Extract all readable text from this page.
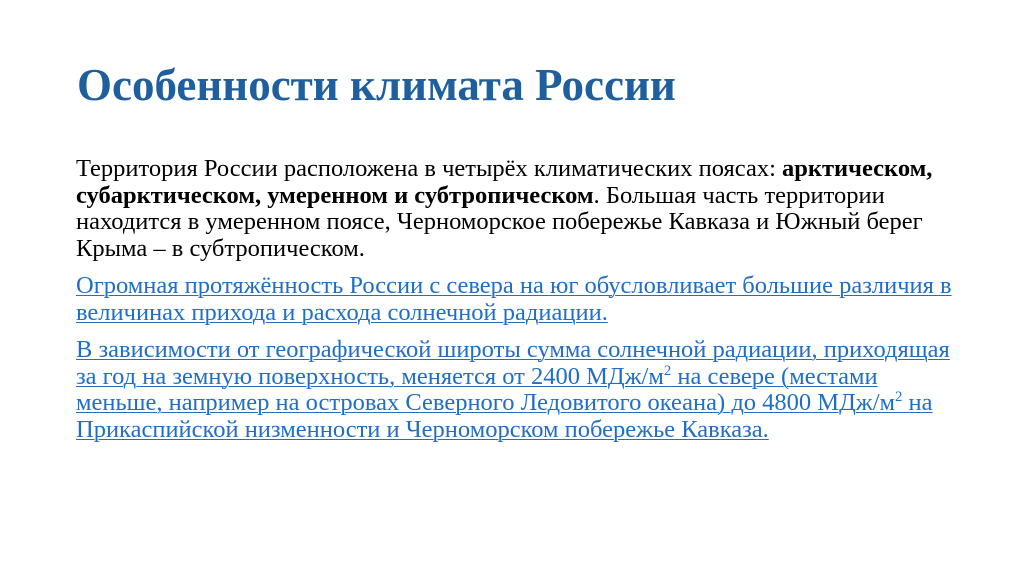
Особенности климата России

Территория России расположена в четырёх климатических поясах: арктическом, субарктическом, умеренном и субтропическом. Большая часть территории находится в умеренном поясе, Черноморское побережье Кавказа и Южный берег Крыма – в субтропическом.

Огромная протяжённость России с севера на юг обусловливает большие различия в величинах прихода и расхода солнечной радиации.

В зависимости от географической широты сумма солнечной радиации, приходящая за год на земную поверхность, меняется от 2400 МДж/$м^2$ на севере (местами меньше, например на островах Северного Ледовитого океана) до 4800 МДж/$м^2$ на Прикаспийской низменности и Черноморском побережье Кавказа.
